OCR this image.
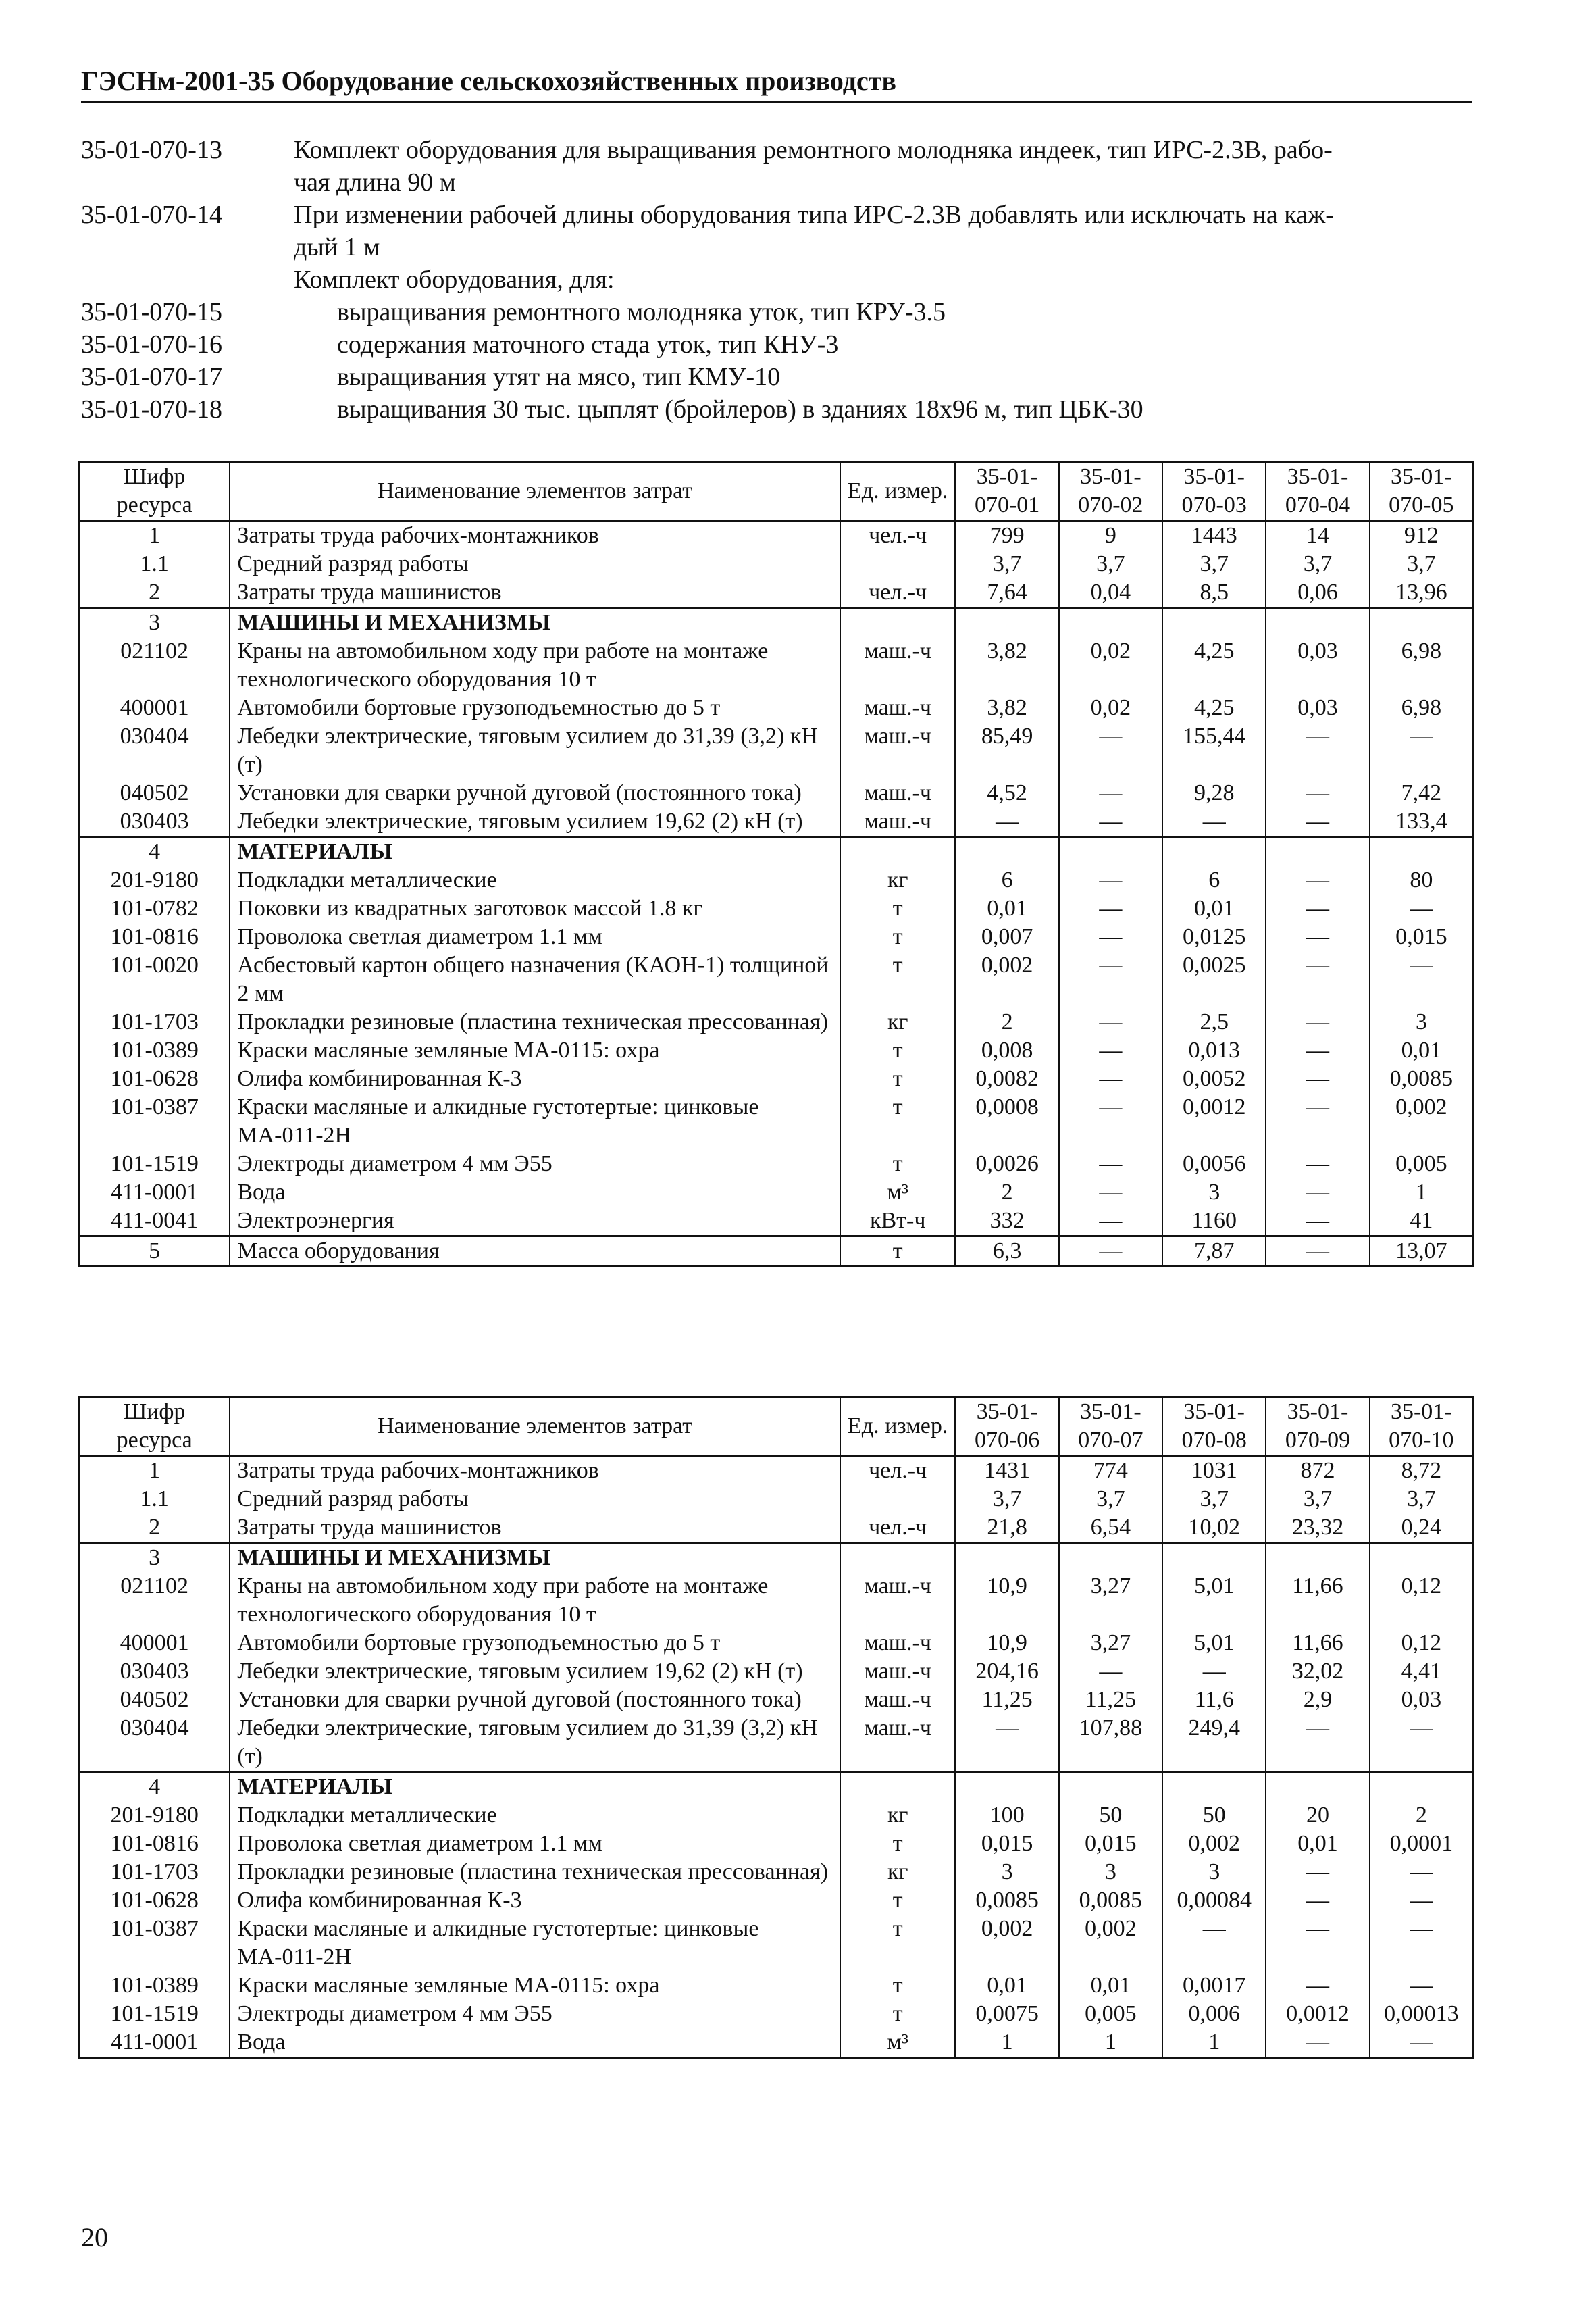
ГЭСНм-2001-35 Оборудование сельскохозяйственных производств
35-01-070-13	Комплект оборудования для выращивания ремонтного молодняка индеек, тип ИРС-2.3В, рабо-
чая длина 90 м
35-01-070-14	При изменении рабочей длины оборудования типа ИРС-2.3В добавлять или исключать на каж-
дый 1 м
Комплект оборудования, для:
35-01-070-15	выращивания ремонтного молодняка уток, тип КРУ-3.5
35-01-070-16	содержания маточного стада уток, тип КНУ-3
35-01-070-17	выращивания утят на мясо, тип КМУ-10
35-01-070-18	выращивания 30 тыс. цыплят (бройлеров) в зданиях 18х96 м, тип ЦБК-30
Шифр ресурса	Наименование элементов затрат	Ед. измер.	35-01-070-01	35-01-070-02	35-01-070-03	35-01-070-04	35-01-070-05
1	Затраты труда рабочих-монтажников	чел.-ч	799	9	1443	14	912
1.1	Средний разряд работы		3,7	3,7	3,7	3,7	3,7
2	Затраты труда машинистов	чел.-ч	7,64	0,04	8,5	0,06	13,96
3	МАШИНЫ И МЕХАНИЗМЫ						
021102	Краны на автомобильном ходу при работе на монтаже технологического оборудования 10 т	маш.-ч	3,82	0,02	4,25	0,03	6,98
400001	Автомобили бортовые грузоподъемностью до 5 т	маш.-ч	3,82	0,02	4,25	0,03	6,98
030404	Лебедки электрические, тяговым усилием до 31,39 (3,2) кН (т)	маш.-ч	85,49	—	155,44	—	—
040502	Установки для сварки ручной дуговой (постоянного тока)	маш.-ч	4,52	—	9,28	—	7,42
030403	Лебедки электрические, тяговым усилием 19,62 (2) кН (т)	маш.-ч	—	—	—	—	133,4
4	МАТЕРИАЛЫ						
201-9180	Подкладки металлические	кг	6	—	6	—	80
101-0782	Поковки из квадратных заготовок массой 1.8 кг	т	0,01	—	0,01	—	—
101-0816	Проволока светлая диаметром 1.1 мм	т	0,007	—	0,0125	—	0,015
101-0020	Асбестовый картон общего назначения (КАОН-1) толщиной 2 мм	т	0,002	—	0,0025	—	—
101-1703	Прокладки резиновые (пластина техническая прессованная)	кг	2	—	2,5	—	3
101-0389	Краски масляные земляные МА-0115: охра	т	0,008	—	0,013	—	0,01
101-0628	Олифа комбинированная К-3	т	0,0082	—	0,0052	—	0,0085
101-0387	Краски масляные и алкидные густотертые: цинковые МА-011-2Н	т	0,0008	—	0,0012	—	0,002
101-1519	Электроды диаметром 4 мм Э55	т	0,0026	—	0,0056	—	0,005
411-0001	Вода	м³	2	—	3	—	1
411-0041	Электроэнергия	кВт-ч	332	—	1160	—	41
5	Масса оборудования	т	6,3	—	7,87	—	13,07
Шифр ресурса	Наименование элементов затрат	Ед. измер.	35-01-070-06	35-01-070-07	35-01-070-08	35-01-070-09	35-01-070-10
1	Затраты труда рабочих-монтажников	чел.-ч	1431	774	1031	872	8,72
1.1	Средний разряд работы		3,7	3,7	3,7	3,7	3,7
2	Затраты труда машинистов	чел.-ч	21,8	6,54	10,02	23,32	0,24
3	МАШИНЫ И МЕХАНИЗМЫ						
021102	Краны на автомобильном ходу при работе на монтаже технологического оборудования 10 т	маш.-ч	10,9	3,27	5,01	11,66	0,12
400001	Автомобили бортовые грузоподъемностью до 5 т	маш.-ч	10,9	3,27	5,01	11,66	0,12
030403	Лебедки электрические, тяговым усилием 19,62 (2) кН (т)	маш.-ч	204,16	—	—	32,02	4,41
040502	Установки для сварки ручной дуговой (постоянного тока)	маш.-ч	11,25	11,25	11,6	2,9	0,03
030404	Лебедки электрические, тяговым усилием до 31,39 (3,2) кН (т)	маш.-ч	—	107,88	249,4	—	—
4	МАТЕРИАЛЫ						
201-9180	Подкладки металлические	кг	100	50	50	20	2
101-0816	Проволока светлая диаметром 1.1 мм	т	0,015	0,015	0,002	0,01	0,0001
101-1703	Прокладки резиновые (пластина техническая прессованная)	кг	3	3	3	—	—
101-0628	Олифа комбинированная К-3	т	0,0085	0,0085	0,00084	—	—
101-0387	Краски масляные и алкидные густотертые: цинковые МА-011-2Н	т	0,002	0,002	—	—	—
101-0389	Краски масляные земляные МА-0115: охра	т	0,01	0,01	0,0017	—	—
101-1519	Электроды диаметром 4 мм Э55	т	0,0075	0,005	0,006	0,0012	0,00013
411-0001	Вода	м³	1	1	1	—	—
20
